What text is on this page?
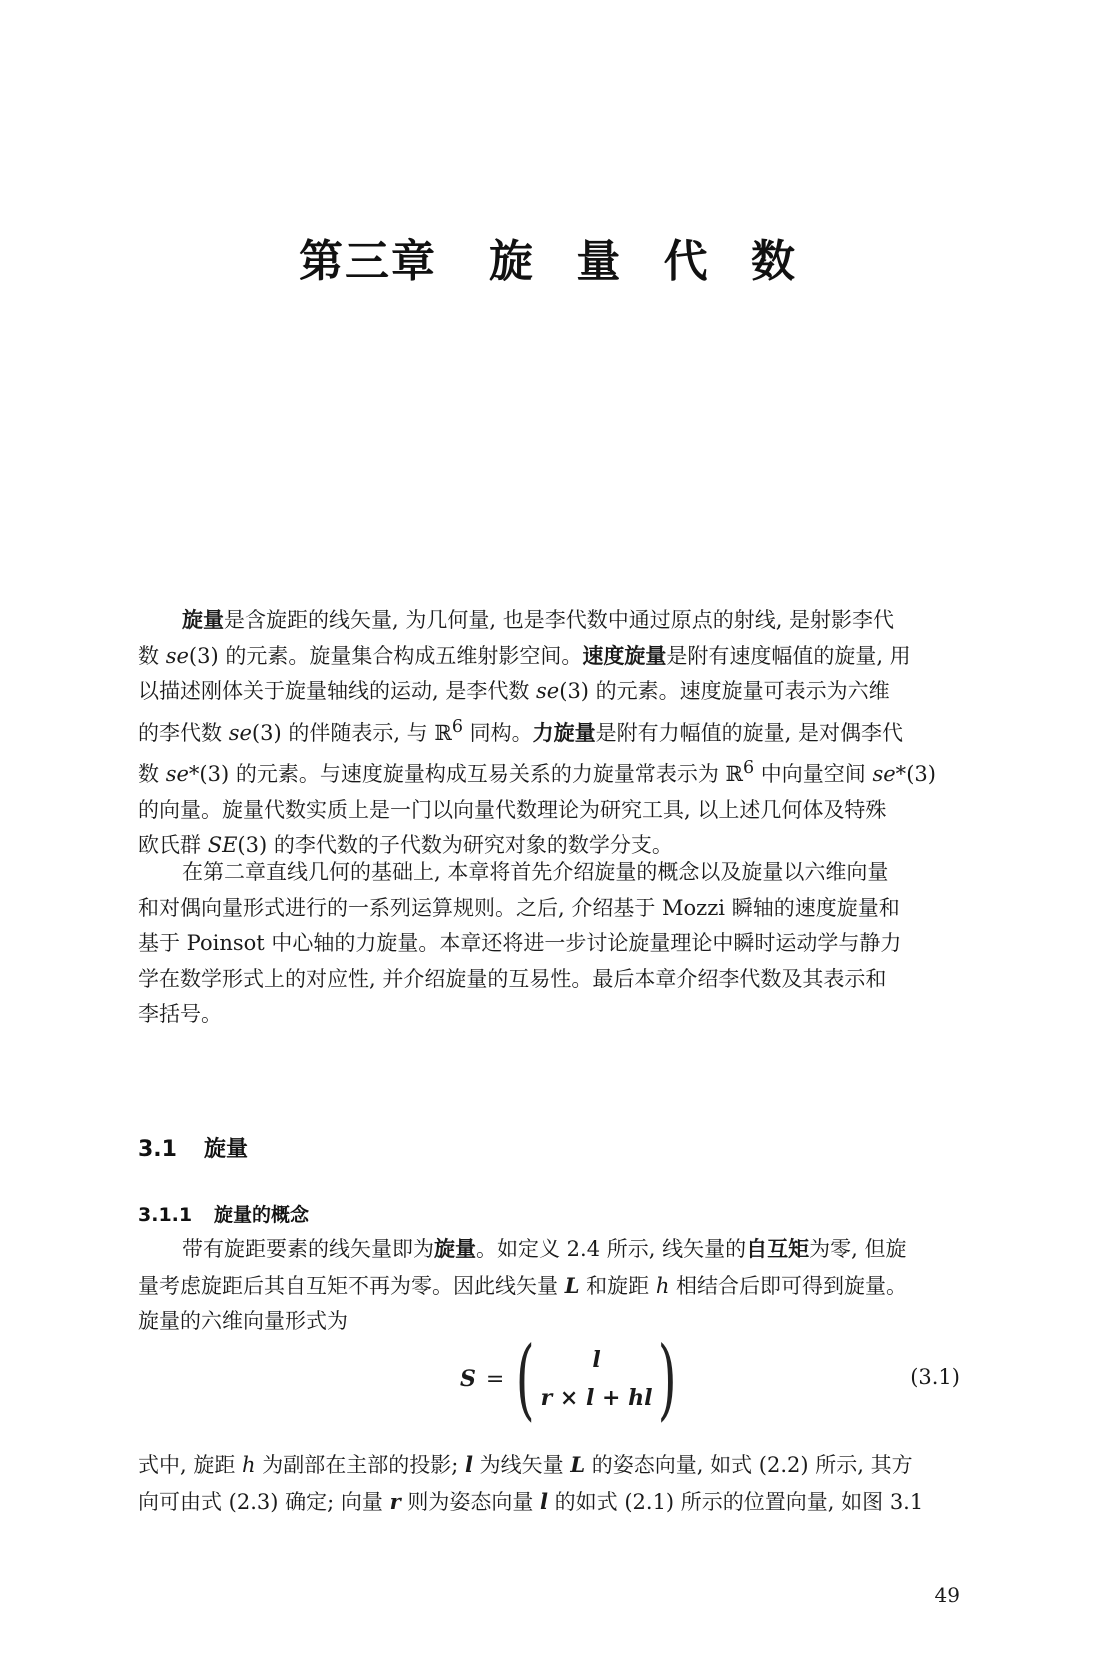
第三章 旋 量 代 数
旋量是含旋距的线矢量, 为几何量, 也是李代数中通过原点的射线, 是射影李代
数 se(3) 的元素。旋量集合构成五维射影空间。速度旋量是附有速度幅值的旋量, 用
以描述刚体关于旋量轴线的运动, 是李代数 se(3) 的元素。速度旋量可表示为六维
的李代数 se(3) 的伴随表示, 与 ℝ$^6$ 同构。力旋量是附有力幅值的旋量, 是对偶李代
数 se*(3) 的元素。与速度旋量构成互易关系的力旋量常表示为 ℝ$^6$ 中向量空间 se*(3)
的向量。旋量代数实质上是一门以向量代数理论为研究工具, 以上述几何体及特殊
欧氏群 SE(3) 的李代数的子代数为研究对象的数学分支。
在第二章直线几何的基础上, 本章将首先介绍旋量的概念以及旋量以六维向量
和对偶向量形式进行的一系列运算规则。之后, 介绍基于 Mozzi 瞬轴的速度旋量和
基于 Poinsot 中心轴的力旋量。本章还将进一步讨论旋量理论中瞬时运动学与静力
学在数学形式上的对应性, 并介绍旋量的互易性。最后本章介绍李代数及其表示和
李括号。
3.1 旋量
3.1.1 旋量的概念
带有旋距要素的线矢量即为旋量。如定义 2.4 所示, 线矢量的自互矩为零, 但旋
量考虑旋距后其自互矩不再为零。因此线矢量 L 和旋距 h 相结合后即可得到旋量。
旋量的六维向量形式为
S = (	l
r × l + hl )	(3.1)
式中, 旋距 h 为副部在主部的投影; l 为线矢量 L 的姿态向量, 如式 (2.2) 所示, 其方
向可由式 (2.3) 确定; 向量 r 则为姿态向量 l 的如式 (2.1) 所示的位置向量, 如图 3.1
49
